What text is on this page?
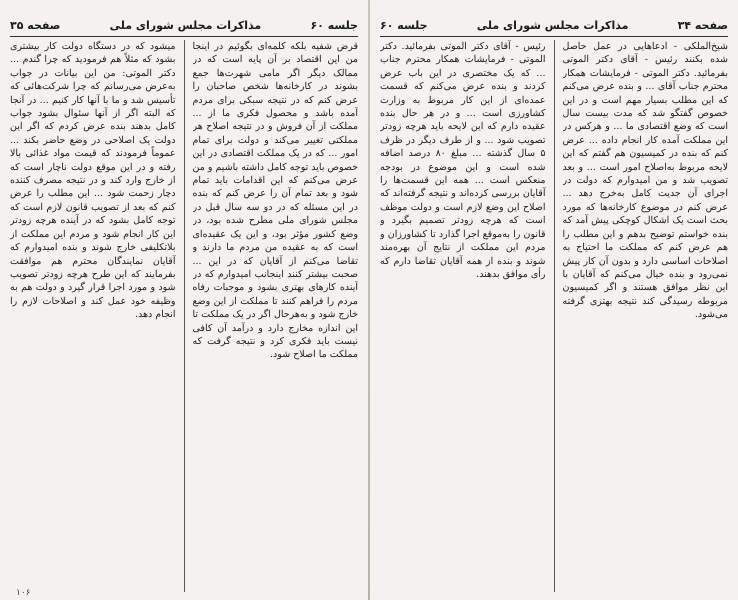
جلسه ۶۰
مذاکرات مجلس شورای ملی
صفحه ۳۵

قرض شفیه بلکه کلمه‌ای بگوئیم در اینجا من این اقتصاد بر آن پایه است که در ممالک دیگر اگر مامی شهرت‌ها جمع بشوند در کارخانه‌ها شخص صاحبان را عرض کنم که در نتیجه سبکی برای مردم آمده باشد و محصول فکری ما از ... مملکت از آن فروش و در نتیجه اصلاح هر مملکتی تغییر می‌کند و دولت برای تمام امور ... که در یک مملکت اقتصادی در این خصوص باید توجه کامل داشته باشیم و من عرض می‌کنم که این اقدامات باید تمام شود و بعد تمام آن را عرض کنم که بنده در این مسئله که در دو سه سال قبل در مجلس شورای ملی مطرح شده بود، در وضع کشور مؤثر بود، و این یک عقیده‌ای است که به عقیده من مردم ما دارند و تقاضا می‌کنم از آقایان که در این ... صحبت بیشتر کنند اینجانب امیدوارم که در آینده کارهای بهتری بشود و موجبات رفاه مردم را فراهم کنند تا مملکت از این وضع خارج شود و به‌هرحال اگر در یک مملکت تا این اندازه مخارج دارد و درآمد آن کافی نیست باید فکری کرد و نتیجه گرفت که مملکت ما اصلاح شود.

میشود که در دستگاه دولت کار بیشتری بشود که مثلاً هم فرمودید که چرا گندم ... دکتر الموتی: من این بیانات در جواب به‌عرض می‌رسانم که چرا شرکت‌هائی که تأسیس شد و ما با آنها کار کنیم ... در آنجا که البته اگر از آنها سئوال بشود جواب کامل بدهند بنده عرض کردم که اگر این دولت یک اصلاحی در وضع حاضر بکند ... عموماً فرمودند که قیمت مواد غذائی بالا رفته و در این موقع دولت ناچار است که از خارج وارد کند و در نتیجه مصرف کننده دچار زحمت شود ... این مطلب را عرض کنم که بعد از تصویب قانون لازم است که توجه کامل بشود که در آینده هرچه زودتر این کار انجام شود و مردم این مملکت از بلاتکلیفی خارج شوند و بنده امیدوارم که آقایان نمایندگان محترم هم موافقت بفرمایند که این طرح هرچه زودتر تصویب شود و مورد اجرا قرار گیرد و دولت هم به وظیفه خود عمل کند و اصلاحات لازم را انجام دهد.

۱۰۶
صفحه ۳۴
مذاکرات مجلس شورای ملی
جلسه ۶۰

شیخ‌الملکی - ادعاهایی در عمل حاصل شده بکنند رئیس - آقای دکتر الموتی بفرمائید. دکتر الموتی - فرمایشات همکار محترم جناب آقای ... و بنده عرض می‌کنم که این مطلب بسیار مهم است و در این خصوص گفتگو شد که مدت بیست سال است که وضع اقتصادی ما ... و هرکس در این مملکت آمده کار انجام داده ... عرض کنم که بنده در کمیسیون هم گفتم که این لایحه مربوط به‌اصلاح امور است ... و بعد تصویب شد و من امیدوارم که دولت در اجرای آن جدیت کامل به‌خرج دهد ... عرض کنم در موضوع کارخانه‌ها که مورد بحث است یک اشکال کوچکی پیش آمد که بنده خواستم توضیح بدهم و این مطلب را هم عرض کنم که مملکت ما احتیاج به اصلاحات اساسی دارد و بدون آن کار پیش نمی‌رود و بنده خیال می‌کنم که آقایان با این نظر موافق هستند و اگر کمیسیون مربوطه رسیدگی کند نتیجه بهتری گرفته می‌شود.

رئیس - آقای دکتر الموتی بفرمائید. دکتر الموتی - فرمایشات همکار محترم جناب ... که یک مختصری در این باب عرض کردند و بنده عرض می‌کنم که قسمت عمده‌ای از این کار مربوط به وزارت کشاورزی است ... و در هر حال بنده عقیده دارم که این لایحه باید هرچه زودتر تصویب شود ... و از طرف دیگر در ظرف ۵ سال گذشته ... مبلغ ۸۰ درصد اضافه شده است و این موضوع در بودجه منعکس است ... همه این قسمت‌ها را آقایان بررسی کرده‌اند و نتیجه گرفته‌اند که اصلاح این وضع لازم است و دولت موظف است که هرچه زودتر تصمیم بگیرد و قانون را به‌موقع اجرا گذارد تا کشاورزان و مردم این مملکت از نتایج آن بهره‌مند شوند و بنده از همه آقایان تقاضا دارم که رأی موافق بدهند.
